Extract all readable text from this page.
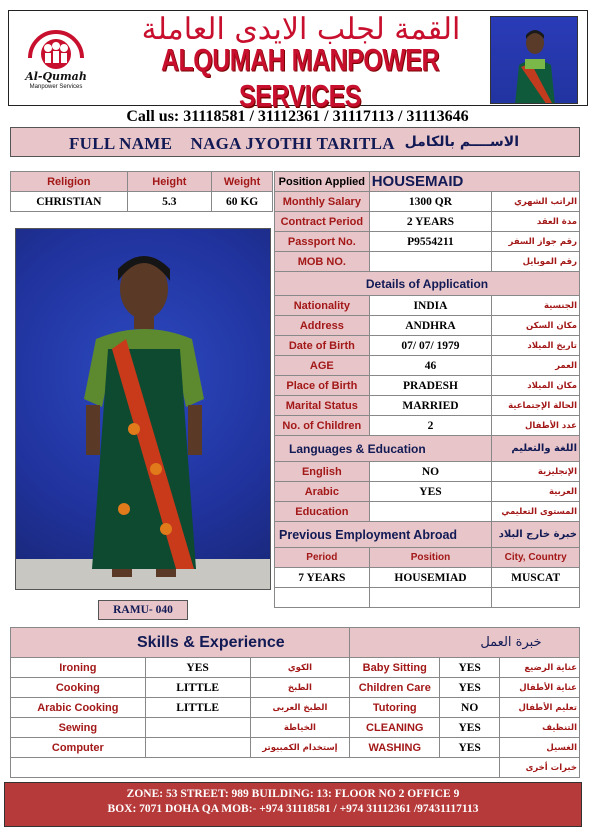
Al-Qumah
Manpower Services
القمة لجلب الايدى العاملة
ALQUMAH MANPOWER SERVICES
Call us: 31118581 / 31112361 / 31117113 / 31113646
FULL NAME NAGA JYOTHI TARITLA الاســــم بالكامل
Religion	Height	Weight
CHRISTIAN	5.3	60 KG
Position Applied	HOUSEMAID	
Monthly Salary	1300 QR	الراتب الشهري
Contract Period	2 YEARS	مدة العقد
Passport No.	P9554211	رقم جواز السفر
MOB NO.		رقم الموبايل
Details of Application		
Nationality	INDIA	الجنسية
Address	ANDHRA	مكان السكن
Date of Birth	07/ 07/ 1979	تاريخ الميلاد
AGE	46	العمر
Place of Birth	PRADESH	مكان الميلاد
Marital Status	MARRIED	الحالة الإجتماعية
No. of Children	2	عدد الأطفال
Languages & Education		اللغة والتعليم
English	NO	الإنجليزية
Arabic	YES	العربية
Education		المستوى التعليمي
Previous Employment Abroad		خبرة خارج البلاد
Period	Position	City, Country
7 YEARS	HOUSEMIAD	MUSCAT

RAMU- 040
Skills & Experience			خبرة العمل		
Ironing	YES	الكوي	Baby Sitting	YES	عناية الرضيع
Cooking	LITTLE	الطبخ	Children Care	YES	عناية الأطفال
Arabic Cooking	LITTLE	الطبخ العربى	Tutoring	NO	تعليم الأطفال
Sewing		الخياطة	CLEANING	YES	التنظيف
Computer		إستخدام الكمبيوتر	WASHING	YES	الغسيل
					خبرات أخرى
ZONE: 53 STREET: 989 BUILDING: 13: FLOOR NO 2 OFFICE 9
BOX: 7071 DOHA QA MOB:- +974 31118581 / +974 31112361 /97431117113
